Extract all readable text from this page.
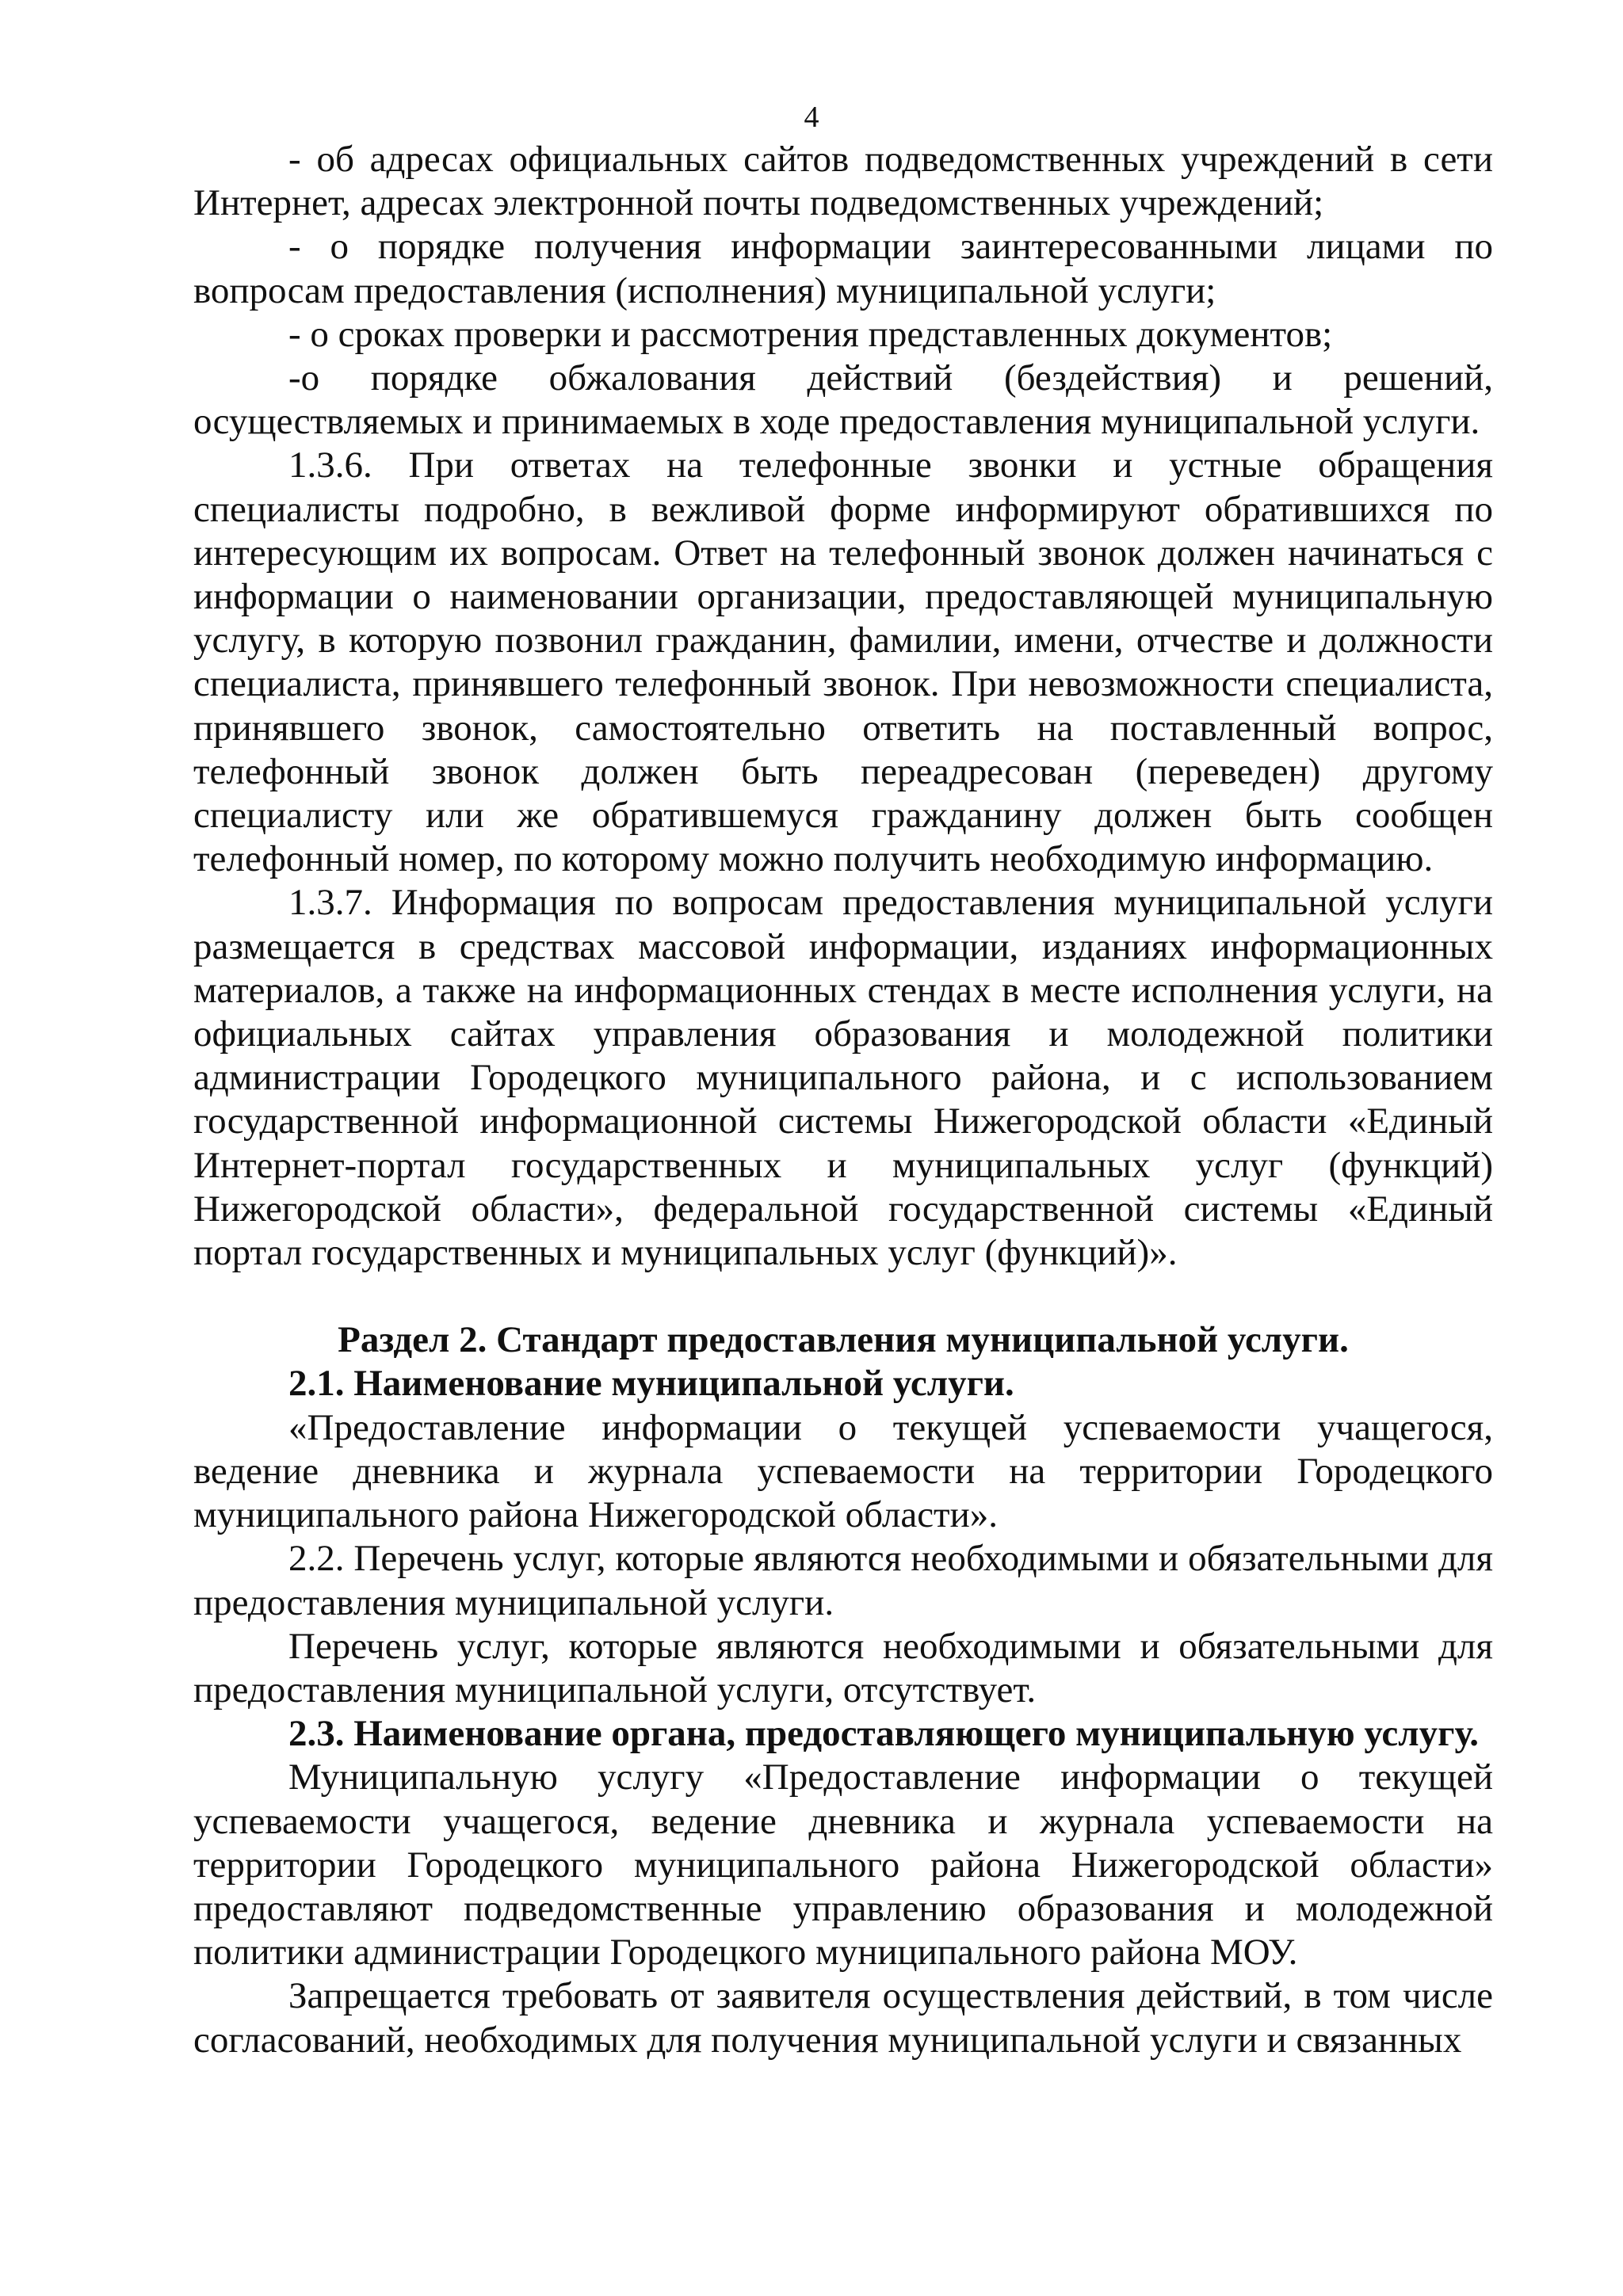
4

- об адресах официальных сайтов подведомственных учреждений в сети Интернет, адресах электронной почты подведомственных учреждений;

- о порядке получения информации заинтересованными лицами по вопросам предоставления (исполнения) муниципальной услуги;

- о сроках проверки и рассмотрения представленных документов;

-о порядке обжалования действий (бездействия) и решений, осуществляемых и принимаемых в ходе предоставления муниципальной услуги.

1.3.6. При ответах на телефонные звонки и устные обращения специалисты подробно, в вежливой форме информируют обратившихся по интересующим их вопросам. Ответ на телефонный звонок должен начинаться с информации о наименовании организации, предоставляющей муниципальную услугу, в которую позвонил гражданин, фамилии, имени, отчестве и должности специалиста, принявшего телефонный звонок. При невозможности специалиста, принявшего звонок, самостоятельно ответить на поставленный вопрос, телефонный звонок должен быть переадресован (переведен) другому специалисту или же обратившемуся гражданину должен быть сообщен телефонный номер, по которому можно получить необходимую информацию.

1.3.7. Информация по вопросам предоставления муниципальной услуги размещается в средствах массовой информации, изданиях информационных материалов, а также на информационных стендах в месте исполнения услуги, на официальных сайтах управления образования и молодежной политики администрации Городецкого муниципального района, и с использованием государственной информационной системы Нижегородской области «Единый Интернет-портал государственных и муниципальных услуг (функций) Нижегородской области», федеральной государственной системы «Единый портал государственных и муниципальных услуг (функций)».

Раздел 2. Стандарт предоставления муниципальной услуги.

2.1. Наименование муниципальной услуги.

«Предоставление информации о текущей успеваемости учащегося, ведение дневника и журнала успеваемости на территории Городецкого муниципального района Нижегородской области».

2.2. Перечень услуг, которые являются необходимыми и обязательными для предоставления муниципальной услуги.

Перечень услуг, которые являются необходимыми и обязательными для предоставления муниципальной услуги, отсутствует.

2.3. Наименование органа, предоставляющего муниципальную услугу.

Муниципальную услугу «Предоставление информации о текущей успеваемости учащегося, ведение дневника и журнала успеваемости на территории Городецкого муниципального района Нижегородской области» предоставляют подведомственные управлению образования и молодежной политики администрации Городецкого муниципального района МОУ.

Запрещается требовать от заявителя осуществления действий, в том числе согласований, необходимых для получения муниципальной услуги и связанных
